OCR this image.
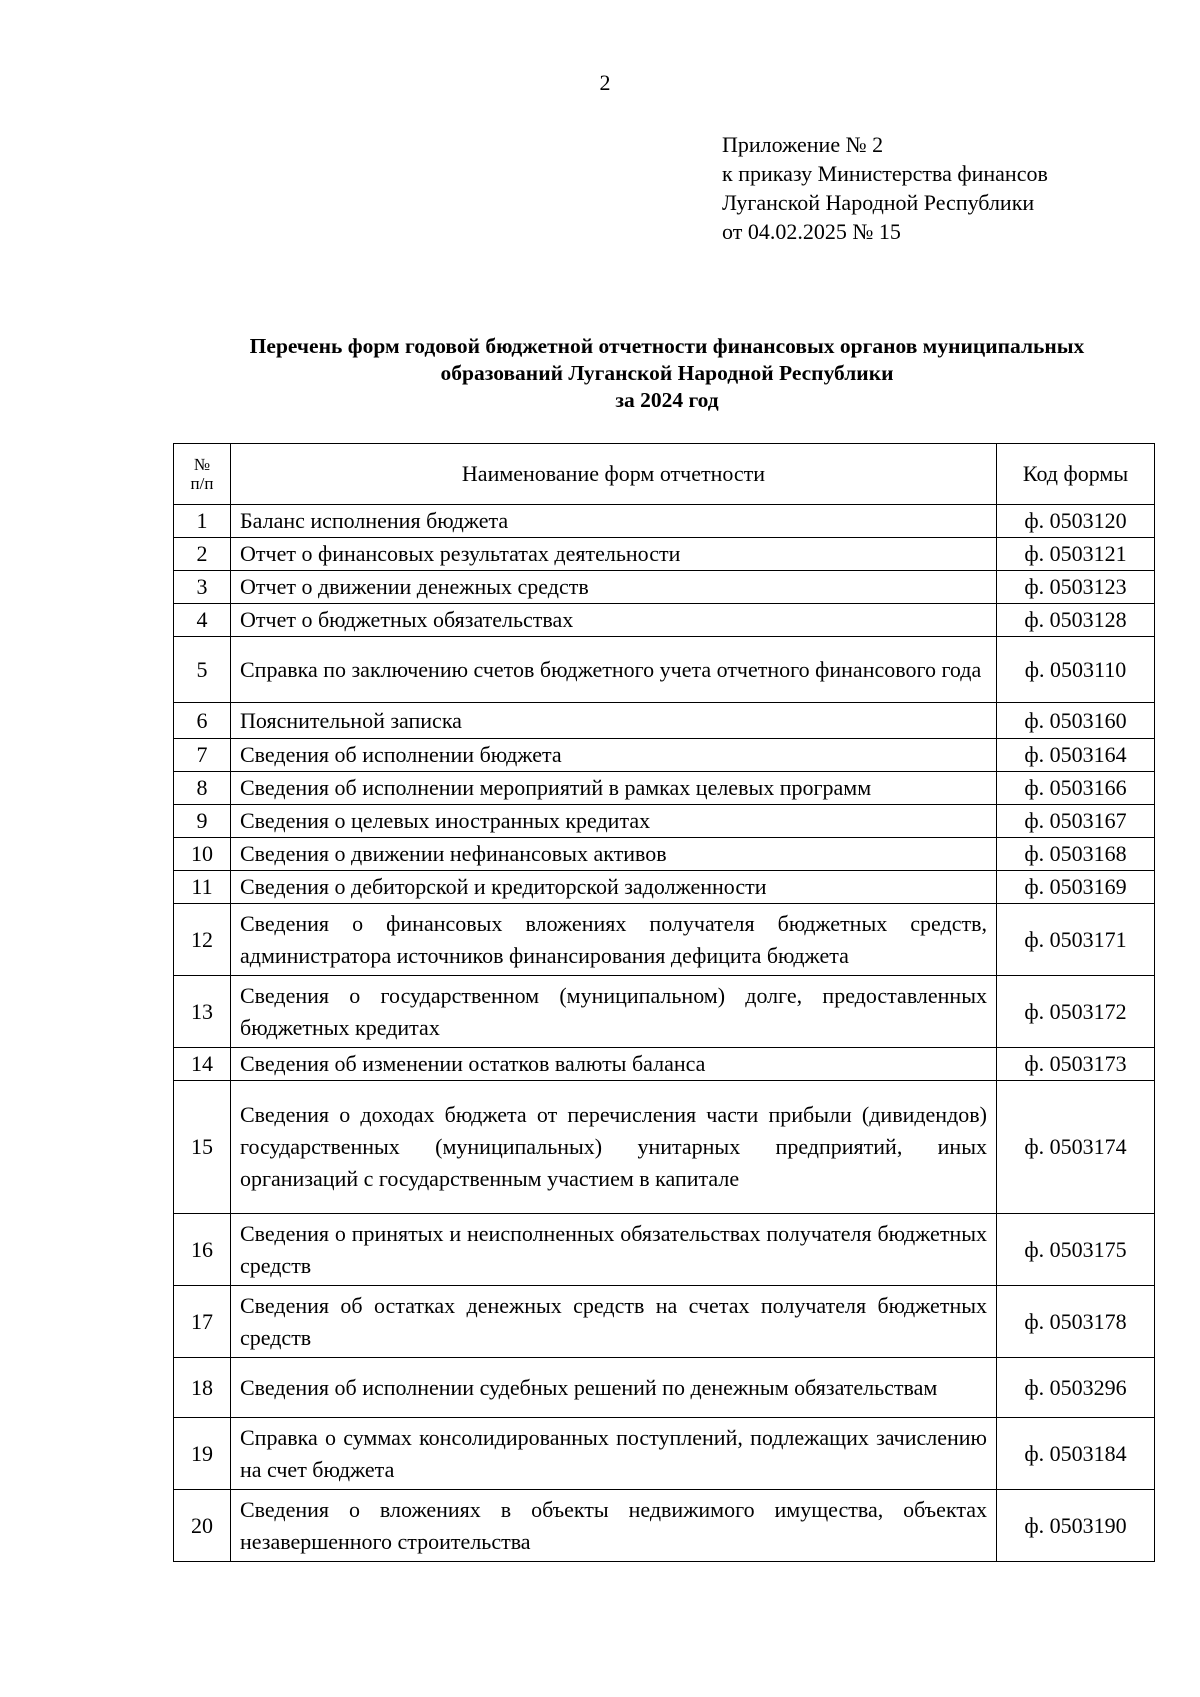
2
Приложение № 2
к приказу Министерства финансов
Луганской Народной Республики
от 04.02.2025 № 15
Перечень форм годовой бюджетной отчетности финансовых органов муниципальных
образований Луганской Народной Республики
за 2024 год
№
п/п	Наименование форм отчетности	Код формы
1	Баланс исполнения бюджета	ф. 0503120
2	Отчет о финансовых результатах деятельности	ф. 0503121
3	Отчет о движении денежных средств	ф. 0503123
4	Отчет о бюджетных обязательствах	ф. 0503128
5	Справка по заключению счетов бюджетного учета отчетного финансового года	ф. 0503110
6	Пояснительной записка	ф. 0503160
7	Сведения об исполнении бюджета	ф. 0503164
8	Сведения об исполнении мероприятий в рамках целевых программ	ф. 0503166
9	Сведения о целевых иностранных кредитах	ф. 0503167
10	Сведения о движении нефинансовых активов	ф. 0503168
11	Сведения о дебиторской и кредиторской задолженности	ф. 0503169
12	Сведения о финансовых вложениях получателя бюджетных средств, администратора источников финансирования дефицита бюджета	ф. 0503171
13	Сведения о государственном (муниципальном) долге, предоставленных бюджетных кредитах	ф. 0503172
14	Сведения об изменении остатков валюты баланса	ф. 0503173
15	Сведения о доходах бюджета от перечисления части прибыли (дивидендов) государственных (муниципальных) унитарных предприятий, иных организаций с государственным участием в капитале	ф. 0503174
16	Сведения о принятых и неисполненных обязательствах получателя бюджетных средств	ф. 0503175
17	Сведения об остатках денежных средств на счетах получателя бюджетных средств	ф. 0503178
18	Сведения об исполнении судебных решений по денежным обязательствам	ф. 0503296
19	Справка о суммах консолидированных поступлений, подлежащих зачислению на счет бюджета	ф. 0503184
20	Сведения о вложениях в объекты недвижимого имущества, объектах незавершенного строительства	ф. 0503190
